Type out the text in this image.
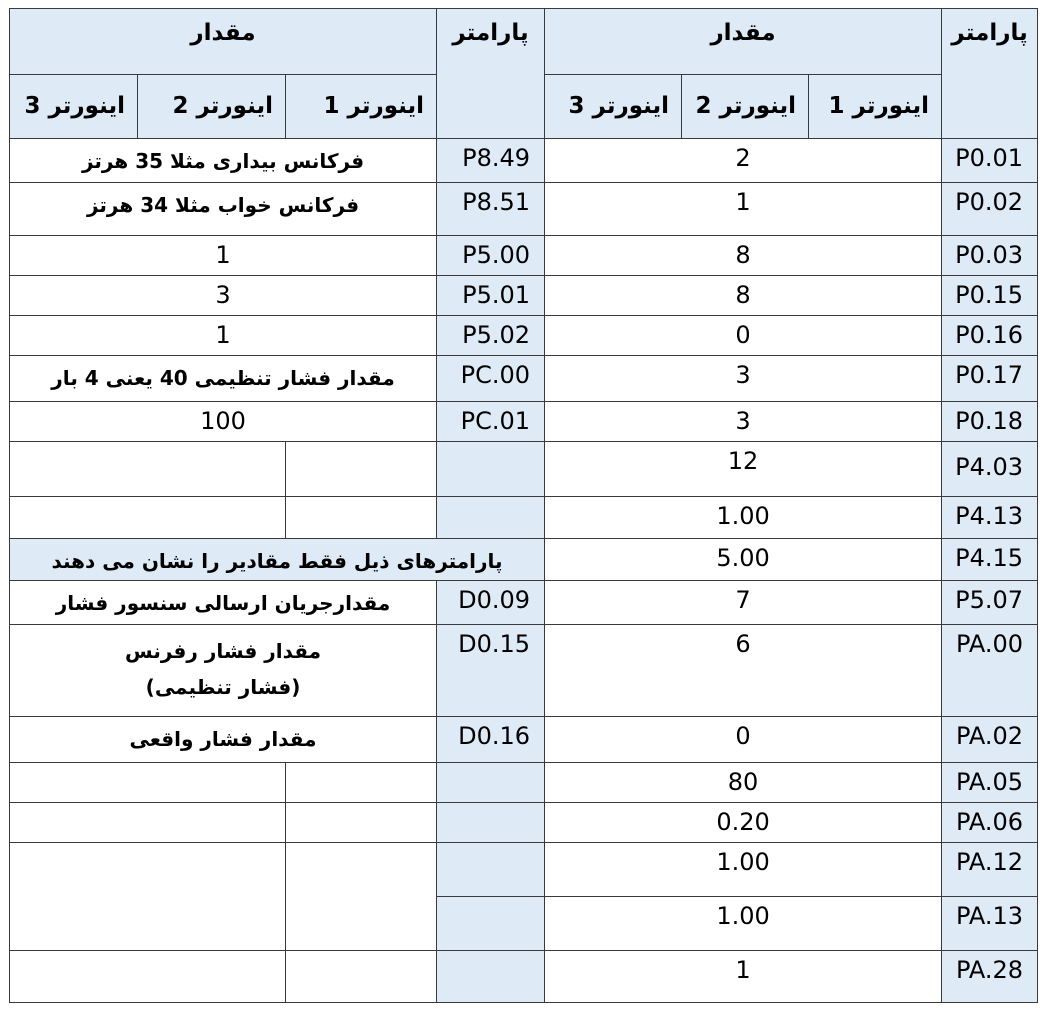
مقدار			پارامتر	مقدار			پارامتر
اینورتر 3	اینورتر 2	اینورتر 1		اینورتر 3	اینورتر 2	اینورتر 1	
فرکانس بیداری مثلا 35 هرتز			P8.49	2			P0.01
فرکانس خواب مثلا 34 هرتز			P8.51	1			P0.02
1			P5.00	8			P0.03
3			P5.01	8			P0.15
1			P5.02	0			P0.16
مقدار فشار تنظیمی 40 یعنی 4 بار			PC.00	3			P0.17
100			PC.01	3			P0.18
				12			P4.03
				1.00			P4.13
پارامترهای ذیل فقط مقادیر را نشان می دهند				5.00			P4.15
مقدارجریان ارسالی سنسور فشار			D0.09	7			P5.07

مقدار فشار رفرنس
(فشار تنظیمی)			D0.15	6			PA.00
مقدار فشار واقعی			D0.16	0			PA.02
				80			PA.05
				0.20			PA.06
				1.00			PA.12
				1.00			PA.13
				1			PA.28
